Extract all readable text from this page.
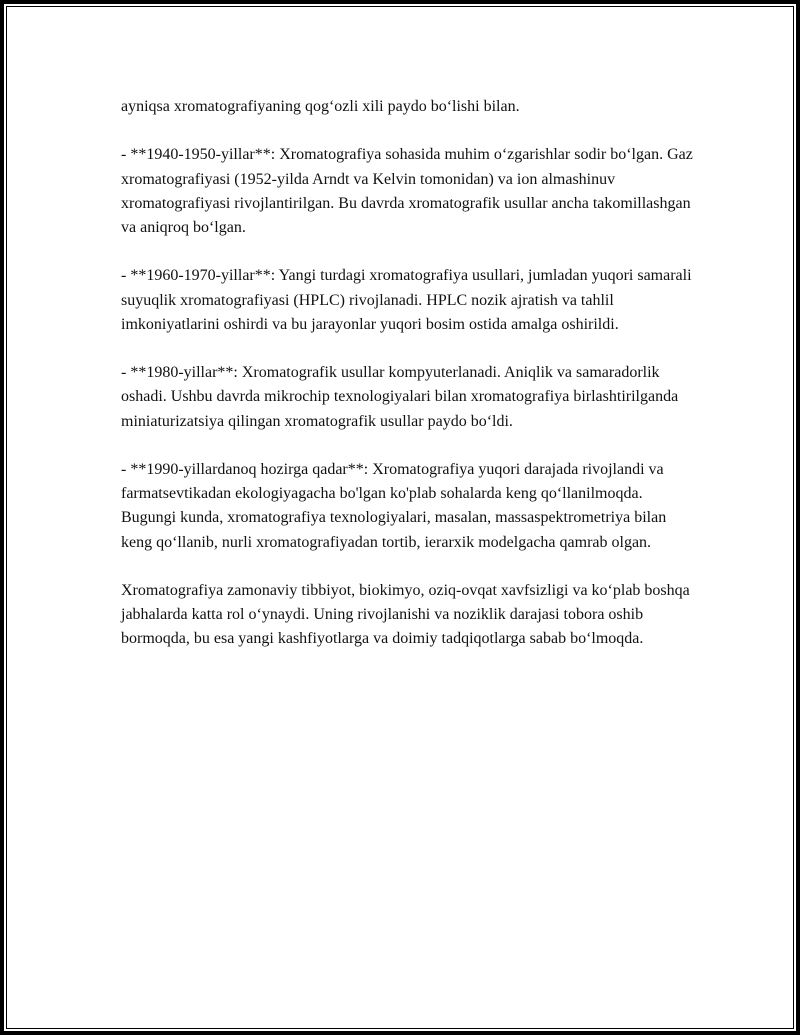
ayniqsa xromatografiyaning qog‘ozli xili paydo bo‘lishi bilan.

- **1940-1950-yillar**: Xromatografiya sohasida muhim o‘zgarishlar sodir bo‘lgan. Gaz xromatografiyasi (1952-yilda Arndt va Kelvin tomonidan) va ion almashinuv xromatografiyasi rivojlantirilgan. Bu davrda xromatografik usullar ancha takomillashgan va aniqroq bo‘lgan.

- **1960-1970-yillar**: Yangi turdagi xromatografiya usullari, jumladan yuqori samarali suyuqlik xromatografiyasi (HPLC) rivojlanadi. HPLC nozik ajratish va tahlil imkoniyatlarini oshirdi va bu jarayonlar yuqori bosim ostida amalga oshirildi.

- **1980-yillar**: Xromatografik usullar kompyuterlanadi. Aniqlik va samaradorlik oshadi. Ushbu davrda mikrochip texnologiyalari bilan xromatografiya birlashtirilganda miniaturizatsiya qilingan xromatografik usullar paydo bo‘ldi.

- **1990-yillardanoq hozirga qadar**: Xromatografiya yuqori darajada rivojlandi va farmatsevtikadan ekologiyagacha bo'lgan ko'plab sohalarda keng qo‘llanilmoqda. Bugungi kunda, xromatografiya texnologiyalari, masalan, massaspektrometriya bilan keng qo‘llanib, nurli xromatografiyadan tortib, ierarxik modelgacha qamrab olgan.

Xromatografiya zamonaviy tibbiyot, biokimyo, oziq-ovqat xavfsizligi va ko‘plab boshqa jabhalarda katta rol o‘ynaydi. Uning rivojlanishi va noziklik darajasi tobora oshib bormoqda, bu esa yangi kashfiyotlarga va doimiy tadqiqotlarga sabab bo‘lmoqda.
